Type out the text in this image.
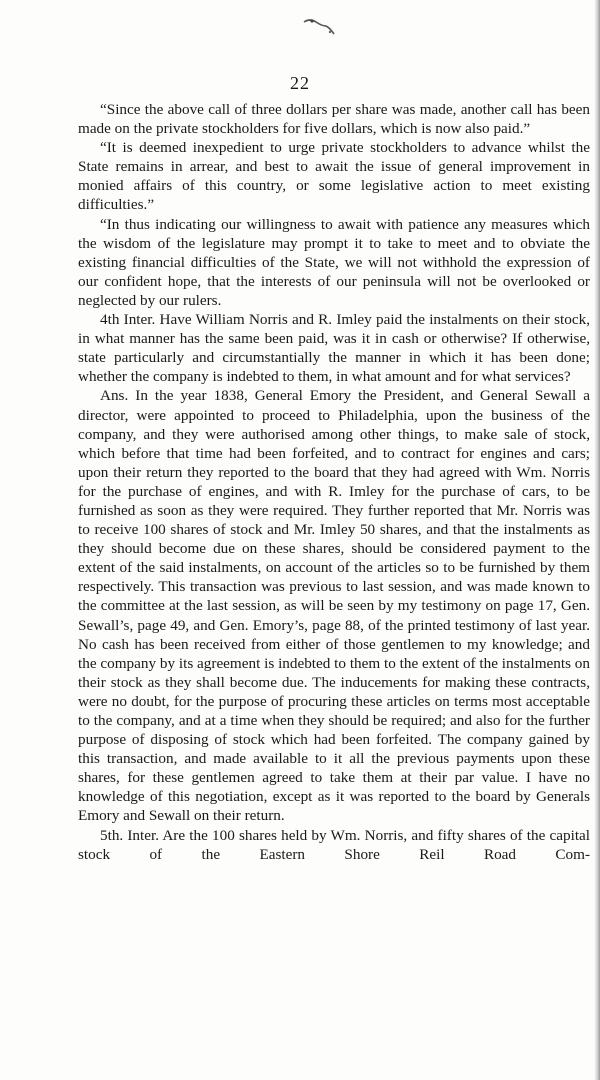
22

“Since the above call of three dollars per share was made, another call has been made on the private stockholders for five dollars, which is now also paid.”

“It is deemed inexpedient to urge private stockholders to advance whilst the State remains in arrear, and best to await the issue of general improvement in monied affairs of this country, or some legislative action to meet existing difficulties.”

“In thus indicating our willingness to await with patience any measures which the wisdom of the legislature may prompt it to take to meet and to obviate the existing financial difficulties of the State, we will not withhold the expression of our confident hope, that the interests of our peninsula will not be overlooked or neglected by our rulers.

4th Inter. Have William Norris and R. Imley paid the instalments on their stock, in what manner has the same been paid, was it in cash or otherwise? If otherwise, state particularly and circumstantially the manner in which it has been done; whether the company is indebted to them, in what amount and for what services?

Ans. In the year 1838, General Emory the President, and General Sewall a director, were appointed to proceed to Philadelphia, upon the business of the company, and they were authorised among other things, to make sale of stock, which before that time had been forfeited, and to contract for engines and cars; upon their return they reported to the board that they had agreed with Wm. Norris for the purchase of engines, and with R. Imley for the purchase of cars, to be furnished as soon as they were required. They further reported that Mr. Norris was to receive 100 shares of stock and Mr. Imley 50 shares, and that the instalments as they should become due on these shares, should be considered payment to the extent of the said instalments, on account of the articles so to be furnished by them respectively. This transaction was previous to last session, and was made known to the committee at the last session, as will be seen by my testimony on page 17, Gen. Sewall’s, page 49, and Gen. Emory’s, page 88, of the printed testimony of last year. No cash has been received from either of those gentlemen to my knowledge; and the company by its agreement is indebted to them to the extent of the instalments on their stock as they shall become due. The inducements for making these contracts, were no doubt, for the purpose of procuring these articles on terms most acceptable to the company, and at a time when they should be required; and also for the further purpose of disposing of stock which had been forfeited. The company gained by this transaction, and made available to it all the previous payments upon these shares, for these gentlemen agreed to take them at their par value. I have no knowledge of this negotiation, except as it was reported to the board by Generals Emory and Sewall on their return.

5th. Inter. Are the 100 shares held by Wm. Norris, and fifty shares of the capital stock of the Eastern Shore Reil Road Com-
